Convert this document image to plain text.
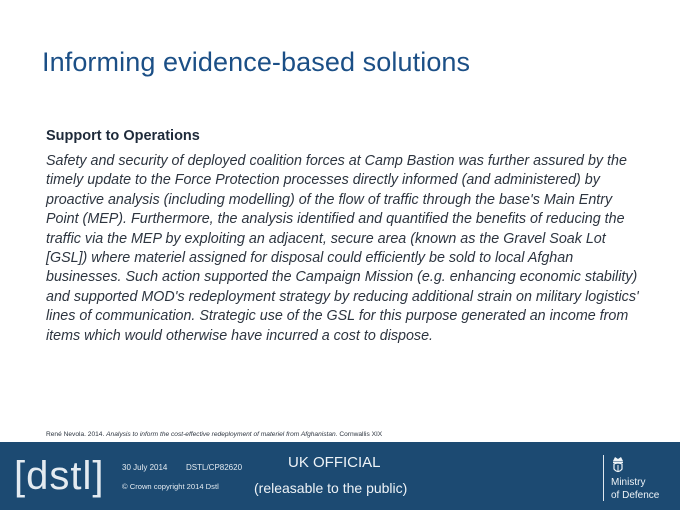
Informing evidence-based solutions
Support to Operations
Safety and security of deployed coalition forces at Camp Bastion was further assured by the timely update to the Force Protection processes directly informed (and administered) by proactive analysis (including modelling) of the flow of traffic through the base's Main Entry Point (MEP). Furthermore, the analysis identified and quantified the benefits of reducing the traffic via the MEP by exploiting an adjacent, secure area (known as the Gravel Soak Lot [GSL]) where materiel assigned for disposal could efficiently be sold to local Afghan businesses. Such action supported the Campaign Mission (e.g. enhancing economic stability) and supported MOD's redeployment strategy by reducing additional strain on military logistics' lines of communication. Strategic use of the GSL for this purpose generated an income from items which would otherwise have incurred a cost to dispose.
René Nevola. 2014. Analysis to inform the cost-effective redeployment of materiel from Afghanistan. Cornwallis XIX
[dstl] 30 July 2014 DSTL/CP82620
© Crown copyright 2014 Dstl
UK OFFICIAL
(releasable to the public)	Ministry
of Defence
